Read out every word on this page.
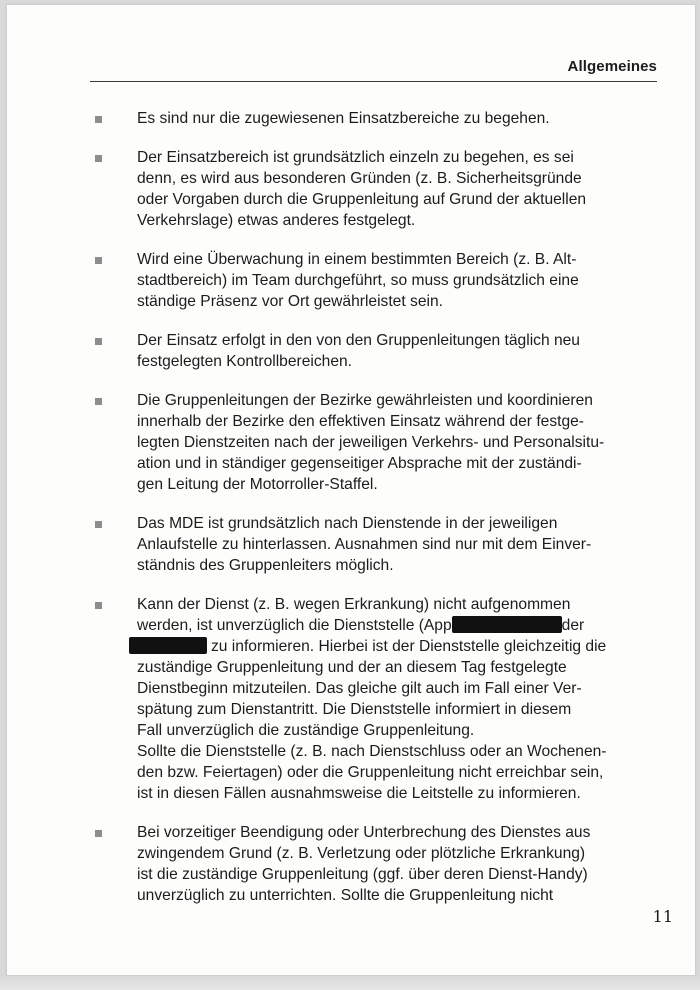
Allgemeines
Es sind nur die zugewiesenen Einsatzbereiche zu begehen.
Der Einsatzbereich ist grundsätzlich einzeln zu begehen, es sei
denn, es wird aus besonderen Gründen (z. B. Sicherheitsgründe
oder Vorgaben durch die Gruppenleitung auf Grund der aktuellen
Verkehrslage) etwas anderes festgelegt.
Wird eine Überwachung in einem bestimmten Bereich (z. B. Alt-
stadtbereich) im Team durchgeführt, so muss grundsätzlich eine
ständige Präsenz vor Ort gewährleistet sein.
Der Einsatz erfolgt in den von den Gruppenleitungen täglich neu
festgelegten Kontrollbereichen.
Die Gruppenleitungen der Bezirke gewährleisten und koordinieren
innerhalb der Bezirke den effektiven Einsatz während der festge-
legten Dienstzeiten nach der jeweiligen Verkehrs- und Personalsitu-
ation und in ständiger gegenseitiger Absprache mit der zuständi-
gen Leitung der Motorroller-Staffel.
Das MDE ist grundsätzlich nach Dienstende in der jeweiligen
Anlaufstelle zu hinterlassen. Ausnahmen sind nur mit dem Einver-
ständnis des Gruppenleiters möglich.
Kann der Dienst (z. B. wegen Erkrankung) nicht aufgenommen
werden, ist unverzüglich die Dienststelle (App	der
zu informieren. Hierbei ist der Dienststelle gleichzeitig die
zuständige Gruppenleitung und der an diesem Tag festgelegte
Dienstbeginn mitzuteilen. Das gleiche gilt auch im Fall einer Ver-
spätung zum Dienstantritt. Die Dienststelle informiert in diesem
Fall unverzüglich die zuständige Gruppenleitung.
Sollte die Dienststelle (z. B. nach Dienstschluss oder an Wochenen-
den bzw. Feiertagen) oder die Gruppenleitung nicht erreichbar sein,
ist in diesen Fällen ausnahmsweise die Leitstelle zu informieren.
Bei vorzeitiger Beendigung oder Unterbrechung des Dienstes aus
zwingendem Grund (z. B. Verletzung oder plötzliche Erkrankung)
ist die zuständige Gruppenleitung (ggf. über deren Dienst-Handy)
unverzüglich zu unterrichten. Sollte die Gruppenleitung nicht
11
